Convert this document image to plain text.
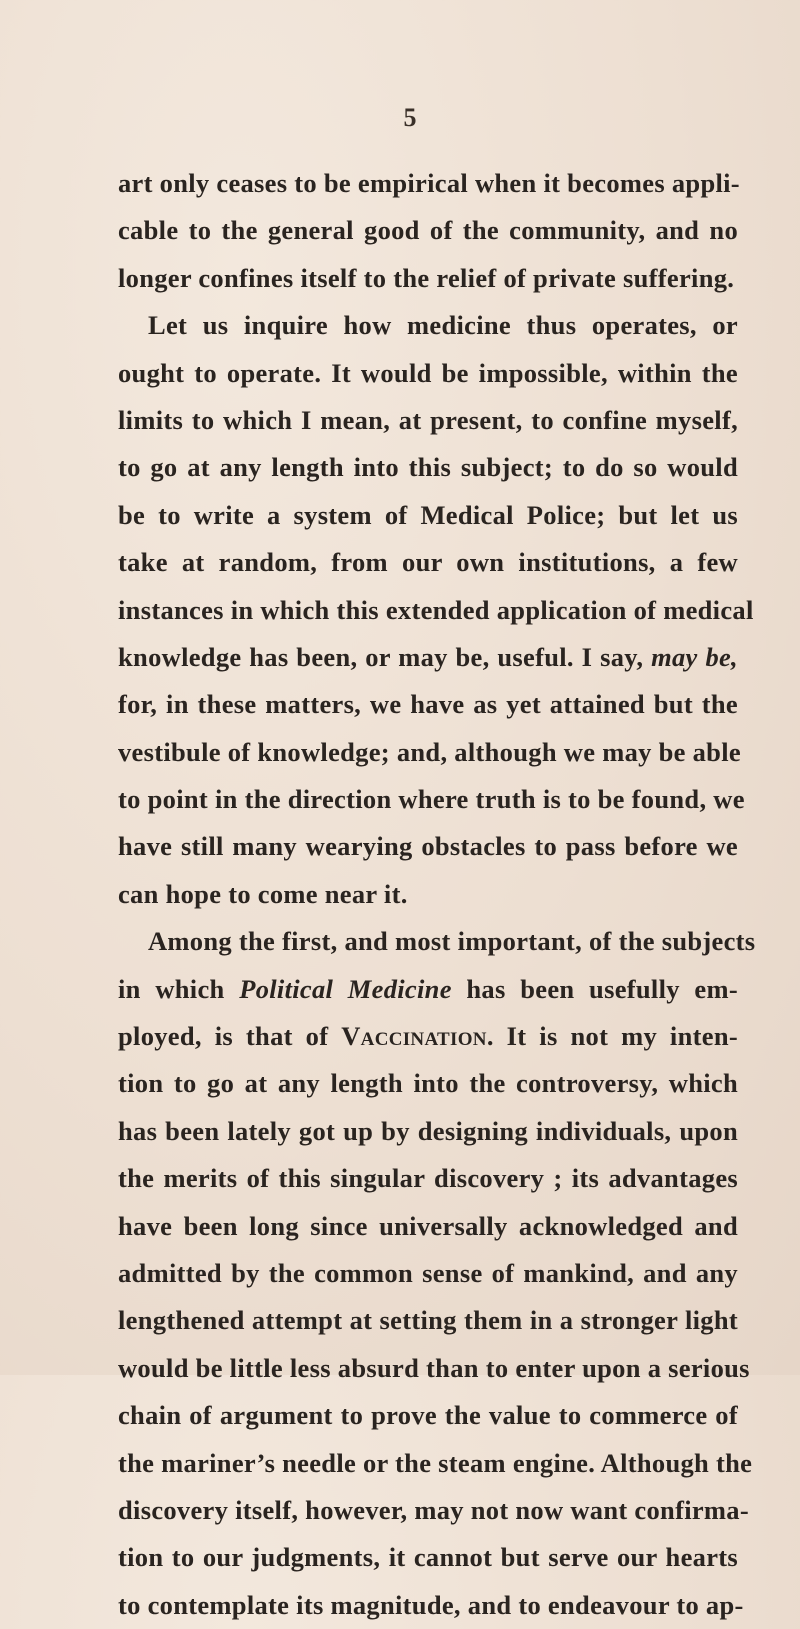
5
art only ceases to be empirical when it becomes appli-
cable to the general good of the community, and no
longer confines itself to the relief of private suffering.
Let us inquire how medicine thus operates, or
ought to operate. It would be impossible, within the
limits to which I mean, at present, to confine myself,
to go at any length into this subject; to do so would
be to write a system of Medical Police; but let us
take at random, from our own institutions, a few
instances in which this extended application of medical
knowledge has been, or may be, useful. I say, may be,
for, in these matters, we have as yet attained but the
vestibule of knowledge; and, although we may be able
to point in the direction where truth is to be found, we
have still many wearying obstacles to pass before we
can hope to come near it.
Among the first, and most important, of the subjects
in which Political Medicine has been usefully em-
ployed, is that of Vaccination. It is not my inten-
tion to go at any length into the controversy, which
has been lately got up by designing individuals, upon
the merits of this singular discovery ; its advantages
have been long since universally acknowledged and
admitted by the common sense of mankind, and any
lengthened attempt at setting them in a stronger light
would be little less absurd than to enter upon a serious
chain of argument to prove the value to commerce of
the mariner’s needle or the steam engine. Although the
discovery itself, however, may not now want confirma-
tion to our judgments, it cannot but serve our hearts
to contemplate its magnitude, and to endeavour to ap-
